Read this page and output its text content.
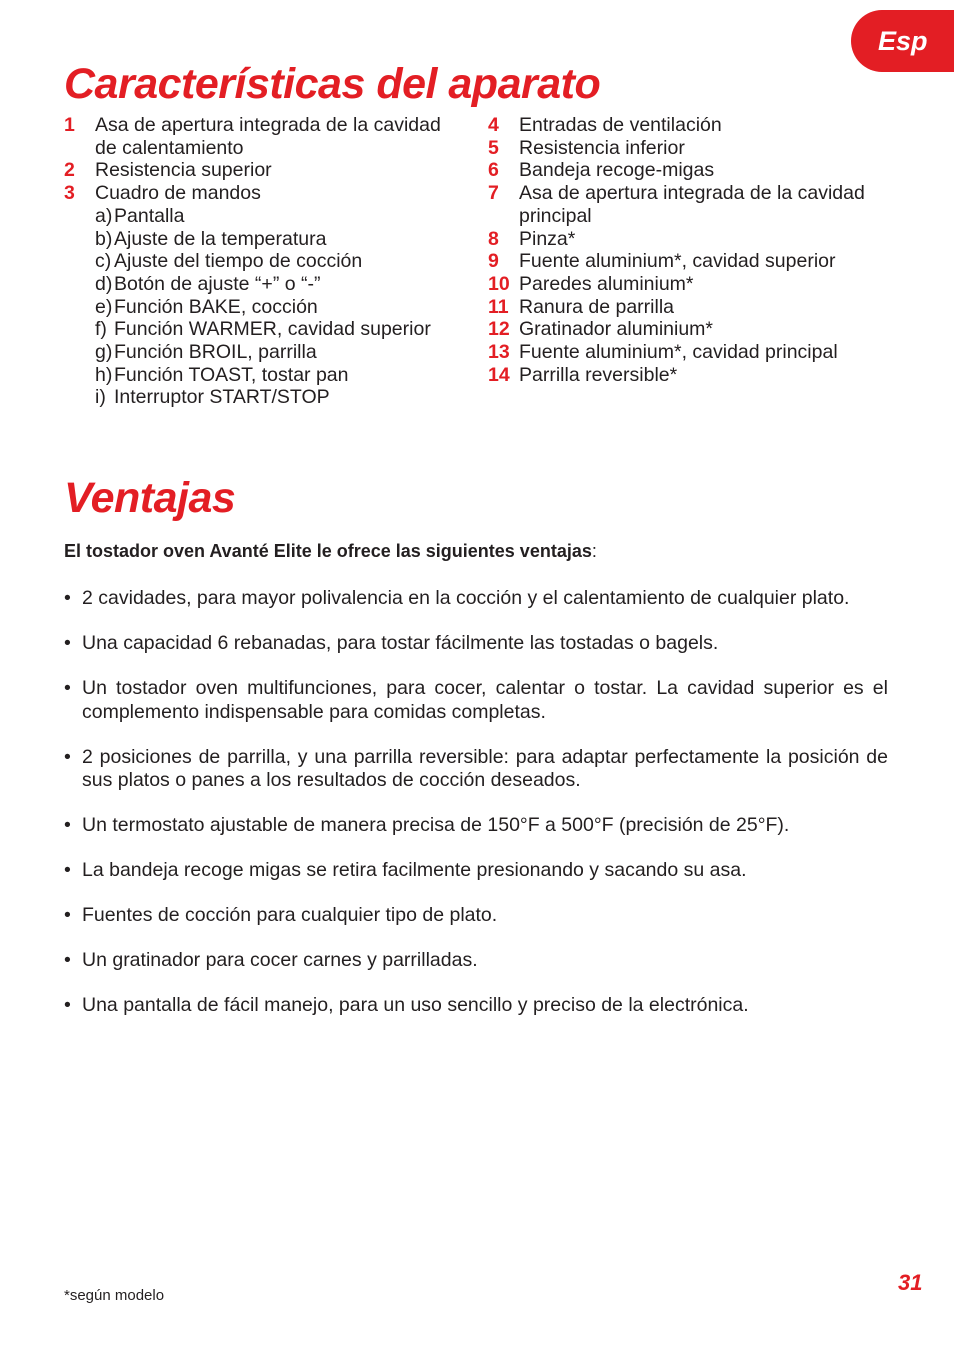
Esp
Características del aparato
1	Asa de apertura integrada de la cavidad de calentamiento
2	Resistencia superior
3	Cuadro de mandos
a) Pantalla
b) Ajuste de la temperatura
c) Ajuste del tiempo de cocción
d) Botón de ajuste “+” o “-”
e) Función BAKE, cocción
f) Función WARMER, cavidad superior
g) Función BROIL, parrilla
h) Función TOAST, tostar pan
i) Interruptor START/STOP
4	Entradas de ventilación
5	Resistencia inferior
6	Bandeja recoge-migas
7	Asa de apertura integrada de la cavidad principal
8	Pinza*
9	Fuente aluminium*, cavidad superior
10 Paredes aluminium*
11 Ranura de parrilla
12 Gratinador aluminium*
13 Fuente aluminium*, cavidad principal
14 Parrilla reversible*
Ventajas

El tostador oven Avanté Elite le ofrece las siguientes ventajas:

• 2 cavidades, para mayor polivalencia en la cocción y el calentamiento de cualquier plato.
• Una capacidad 6 rebanadas, para tostar fácilmente las tostadas o bagels.
• Un tostador oven multifunciones, para cocer, calentar o tostar. La cavidad superior es el complemento indispensable para comidas completas.
• 2 posiciones de parrilla, y una parrilla reversible: para adaptar perfectamente la posición de sus platos o panes a los resultados de cocción deseados.
• Un termostato ajustable de manera precisa de 150°F a 500°F (precisión de 25°F).
• La bandeja recoge migas se retira facilmente presionando y sacando su asa.
• Fuentes de cocción para cualquier tipo de plato.
• Un gratinador para cocer carnes y parrilladas.
• Una pantalla de fácil manejo, para un uso sencillo y preciso de la electrónica.
*según modelo
31
